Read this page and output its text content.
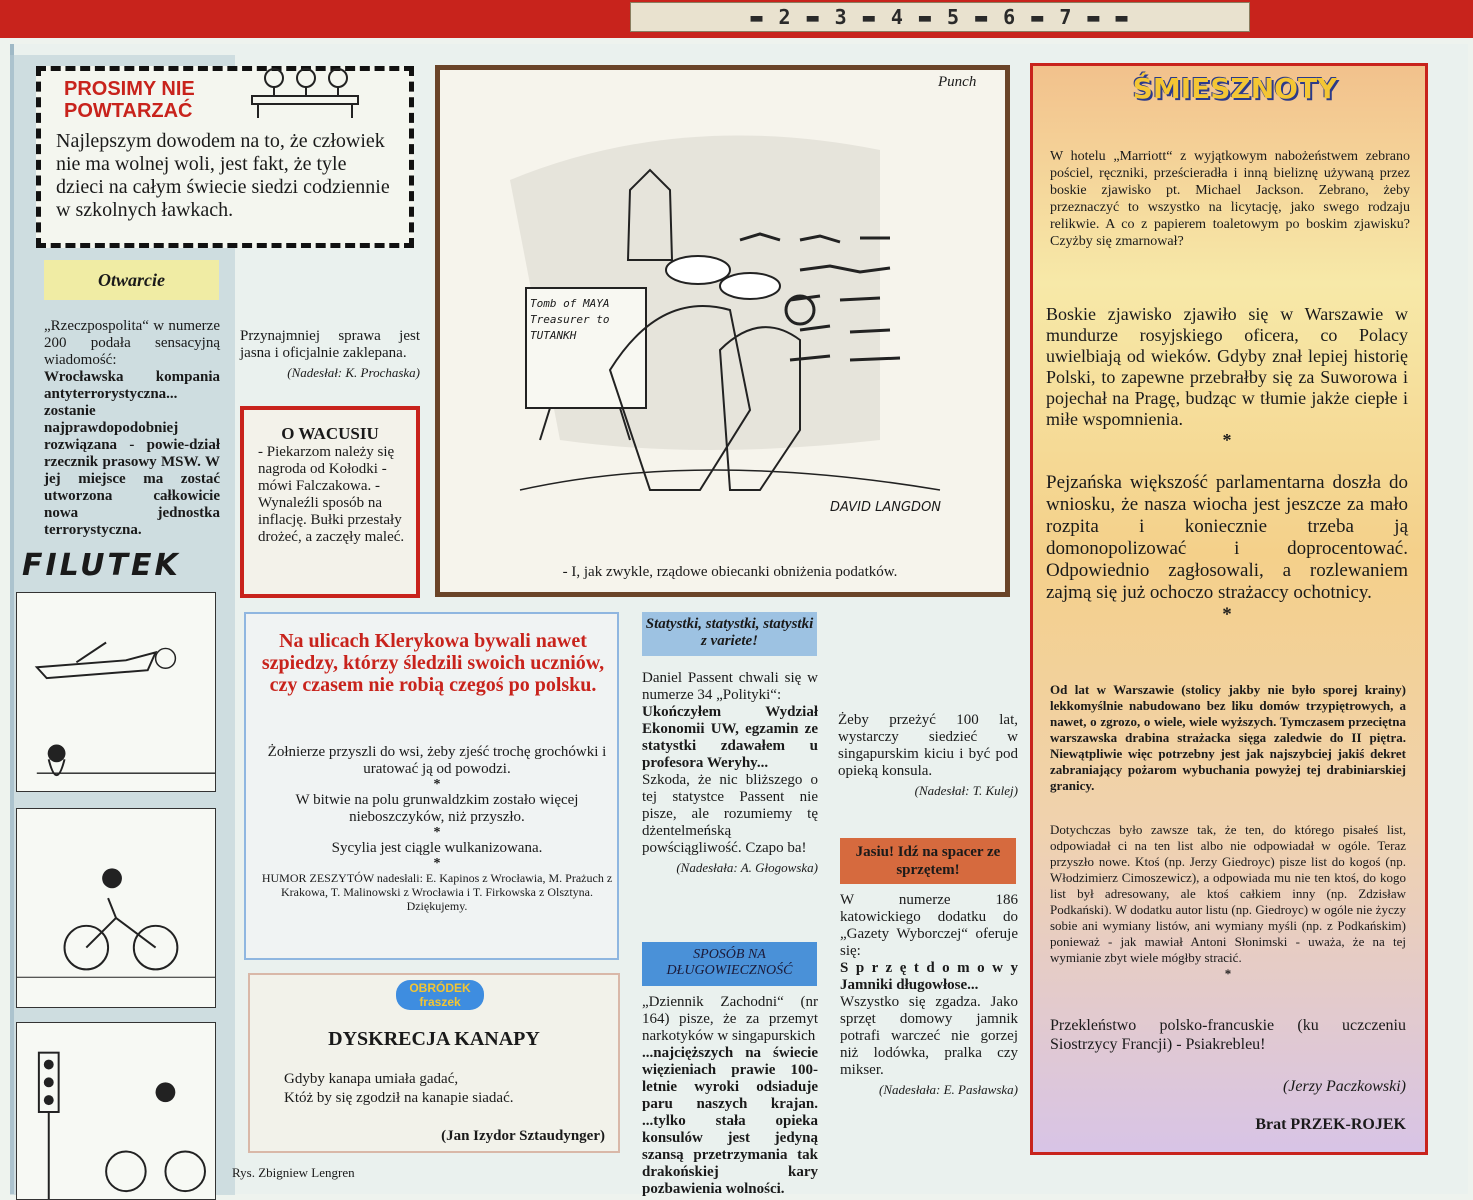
▬ 2 ▬ 3 ▬ 4 ▬ 5 ▬ 6 ▬ 7 ▬ ▬
PROSIMY NIE POWTARZAĆ
Najlepszym dowodem na to, że człowiek nie ma wolnej woli, jest fakt, że tyle dzieci na całym świecie siedzi codziennie w szkolnych ławkach.
Otwarcie
„Rzeczpospolita“ w numerze 200 podała sensacyjną wiadomość:
Wrocławska kompania antyterrorystyczna... zostanie najprawdopodobniej rozwiązana - powie-dział rzecznik prasowy MSW. W jej miejsce ma zostać utworzona całkowicie nowa jednostka terrorystyczna.
Przynajmniej sprawa jest jasna i oficjalnie zaklepana.
(Nadesłał: K. Prochaska)
O WACUSIU
- Piekarzom należy się nagroda od Kołodki - mówi Falczakowa. - Wynaleźli sposób na inflację. Bułki przestały drożeć, a zaczęły maleć.
FILUTEK
Rys. Zbigniew Lengren
Punch
Tomb of MAYA Treasurer to TUTANKH
DAVID LANGDON
- I, jak zwykle, rządowe obiecanki obniżenia podatków.
Na ulicach Klerykowa bywali nawet szpiedzy, którzy śledzili swoich uczniów, czy czasem nie robią czegoś po polsku.
Żołnierze przyszli do wsi, żeby zjeść trochę grochówki i uratować ją od powodzi.
*
W bitwie na polu grunwaldzkim zostało więcej nieboszczyków, niż przyszło.
*
Sycylia jest ciągle wulkanizowana.
*
HUMOR ZESZYTÓW nadesłali: E. Kapinos z Wrocławia, M. Prażuch z Krakowa, T. Malinowski z Wrocławia i T. Firkowska z Olsztyna. Dziękujemy.
OBRÓDEK
fraszek
DYSKRECJA KANAPY
Gdyby kanapa umiała gadać,
Któż by się zgodził na kanapie siadać.
(Jan Izydor Sztaudynger)
Statystki, statystki, statystki z variete!
Daniel Passent chwali się w numerze 34 „Polityki“:
Ukończyłem Wydział Ekonomii UW, egzamin ze statystki zdawałem u profesora Weryhy...
Szkoda, że nic bliższego o tej statystce Passent nie pisze, ale rozumiemy tę dżentelmeńską powściągliwość. Czapo ba!
(Nadesłała: A. Głogowska)
SPOSÓB NA DŁUGOWIECZNOŚĆ
„Dziennik Zachodni“ (nr 164) pisze, że za przemyt narkotyków w singapurskich
...najcięższych na świecie więzieniach prawie 100-letnie wyroki odsiaduje paru naszych krajan. ...tylko stała opieka konsulów jest jedyną szansą przetrzymania tak drakońskiej kary pozbawienia wolności.
Żeby przeżyć 100 lat, wystarczy siedzieć w singapurskim kiciu i być pod opieką konsula.
(Nadesłał: T. Kulej)
Jasiu! Idź na spacer ze sprzętem!
W numerze 186 katowickiego dodatku do „Gazety Wyborczej“ oferuje się:
S p r z ę t d o m o w y Jamniki długowłose...
Wszystko się zgadza. Jako sprzęt domowy jamnik potrafi warczeć nie gorzej niż lodówka, pralka czy mikser.
(Nadesłała: E. Pasławska)
ŚMIESZNOTY
W hotelu „Marriott“ z wyjątkowym nabożeństwem zebrano pościel, ręczniki, prześcieradła i inną bieliznę używaną przez boskie zjawisko pt. Michael Jackson. Zebrano, żeby przeznaczyć to wszystko na licytację, jako swego rodzaju relikwie. A co z papierem toaletowym po boskim zjawisku? Czyżby się zmarnował?
Boskie zjawisko zjawiło się w Warszawie w mundurze rosyjskiego oficera, co Polacy uwielbiają od wieków. Gdyby znał lepiej historię Polski, to zapewne przebrałby się za Suworowa i pojechał na Pragę, budząc w tłumie jakże ciepłe i miłe wspomnienia.
*
Pejzańska większość parlamentarna doszła do wniosku, że nasza wiocha jest jeszcze za mało rozpita i koniecznie trzeba ją domonopolizować i doprocentować. Odpowiednio zagłosowali, a rozlewaniem zajmą się już ochoczo strażaccy ochotnicy.
*
Od lat w Warszawie (stolicy jakby nie było sporej krainy) lekkomyślnie nabudowano bez liku domów trzypiętrowych, a nawet, o zgrozo, o wiele, wiele wyższych. Tymczasem przeciętna warszawska drabina strażacka sięga zaledwie do II piętra. Niewątpliwie więc potrzebny jest jak najszybciej jakiś dekret zabraniający pożarom wybuchania powyżej tej drabiniarskiej granicy.
Dotychczas było zawsze tak, że ten, do którego pisałeś list, odpowiadał ci na ten list albo nie odpowiadał w ogóle. Teraz przyszło nowe. Ktoś (np. Jerzy Giedroyc) pisze list do kogoś (np. Włodzimierz Cimoszewicz), a odpowiada mu nie ten ktoś, do kogo list był adresowany, ale ktoś całkiem inny (np. Zdzisław Podkański). W dodatku autor listu (np. Giedroyc) w ogóle nie życzy sobie ani wymiany listów, ani wymiany myśli (np. z Podkańskim) ponieważ - jak mawiał Antoni Słonimski - uważa, że na tej wymianie zbyt wiele mógłby stracić.
*
Przekleństwo polsko-francuskie (ku uczczeniu Siostrzycy Francji) - Psiakrebleu!
(Jerzy Paczkowski)
Brat PRZEK-ROJEK
